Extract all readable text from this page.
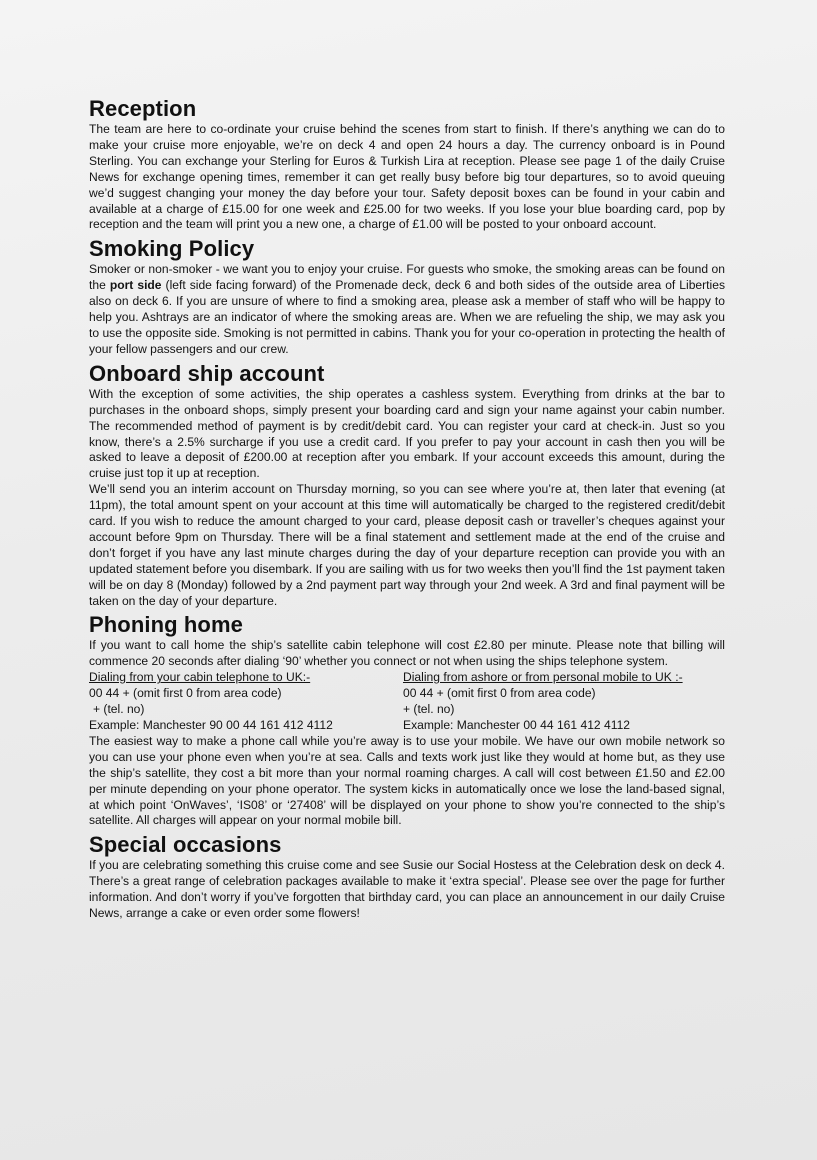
Reception

The team are here to co-ordinate your cruise behind the scenes from start to finish. If there’s anything we can do to make your cruise more enjoyable, we’re on deck 4 and open 24 hours a day. The currency onboard is in Pound Sterling. You can exchange your Sterling for Euros & Turkish Lira at reception. Please see page 1 of the daily Cruise News for exchange opening times, remember it can get really busy before big tour departures, so to avoid queuing we’d suggest changing your money the day before your tour. Safety deposit boxes can be found in your cabin and available at a charge of £15.00 for one week and £25.00 for two weeks. If you lose your blue boarding card, pop by reception and the team will print you a new one, a charge of £1.00 will be posted to your onboard account.

Smoking Policy

Smoker or non-smoker - we want you to enjoy your cruise. For guests who smoke, the smoking areas can be found on the port side (left side facing forward) of the Promenade deck, deck 6 and both sides of the outside area of Liberties also on deck 6. If you are unsure of where to find a smoking area, please ask a member of staff who will be happy to help you. Ashtrays are an indicator of where the smoking areas are. When we are refueling the ship, we may ask you to use the opposite side. Smoking is not permitted in cabins. Thank you for your co-operation in protecting the health of your fellow passengers and our crew.

Onboard ship account

With the exception of some activities, the ship operates a cashless system. Everything from drinks at the bar to purchases in the onboard shops, simply present your boarding card and sign your name against your cabin number. The recommended method of payment is by credit/debit card. You can register your card at check-in. Just so you know, there’s a 2.5% surcharge if you use a credit card. If you prefer to pay your account in cash then you will be asked to leave a deposit of £200.00 at reception after you embark. If your account exceeds this amount, during the cruise just top it up at reception.

We’ll send you an interim account on Thursday morning, so you can see where you’re at, then later that evening (at 11pm), the total amount spent on your account at this time will automatically be charged to the registered credit/debit card. If you wish to reduce the amount charged to your card, please deposit cash or traveller’s cheques against your account before 9pm on Thursday. There will be a final statement and settlement made at the end of the cruise and don’t forget if you have any last minute charges during the day of your departure reception can provide you with an updated statement before you disembark. If you are sailing with us for two weeks then you’ll find the 1st payment taken will be on day 8 (Monday) followed by a 2nd payment part way through your 2nd week. A 3rd and final payment will be taken on the day of your departure.

Phoning home

If you want to call home the ship’s satellite cabin telephone will cost £2.80 per minute. Please note that billing will commence 20 seconds after dialing ‘90’ whether you connect or not when using the ships telephone system.

Dialing from your cabin telephone to UK:-
00 44 + (omit first 0 from area code)
+ (tel. no)
Example: Manchester 90 00 44 161 412 4112
Dialing from ashore or from personal mobile to UK :-
00 44 + (omit first 0 from area code)
+ (tel. no)
Example: Manchester 00 44 161 412 4112

The easiest way to make a phone call while you’re away is to use your mobile. We have our own mobile network so you can use your phone even when you’re at sea. Calls and texts work just like they would at home but, as they use the ship’s satellite, they cost a bit more than your normal roaming charges. A call will cost between £1.50 and £2.00 per minute depending on your phone operator. The system kicks in automatically once we lose the land-based signal, at which point ‘OnWaves’, ‘IS08’ or ‘27408’ will be displayed on your phone to show you’re connected to the ship’s satellite. All charges will appear on your normal mobile bill.

Special occasions

If you are celebrating something this cruise come and see Susie our Social Hostess at the Celebration desk on deck 4. There’s a great range of celebration packages available to make it ‘extra special’. Please see over the page for further information. And don’t worry if you’ve forgotten that birthday card, you can place an announcement in our daily Cruise News, arrange a cake or even order some flowers!
